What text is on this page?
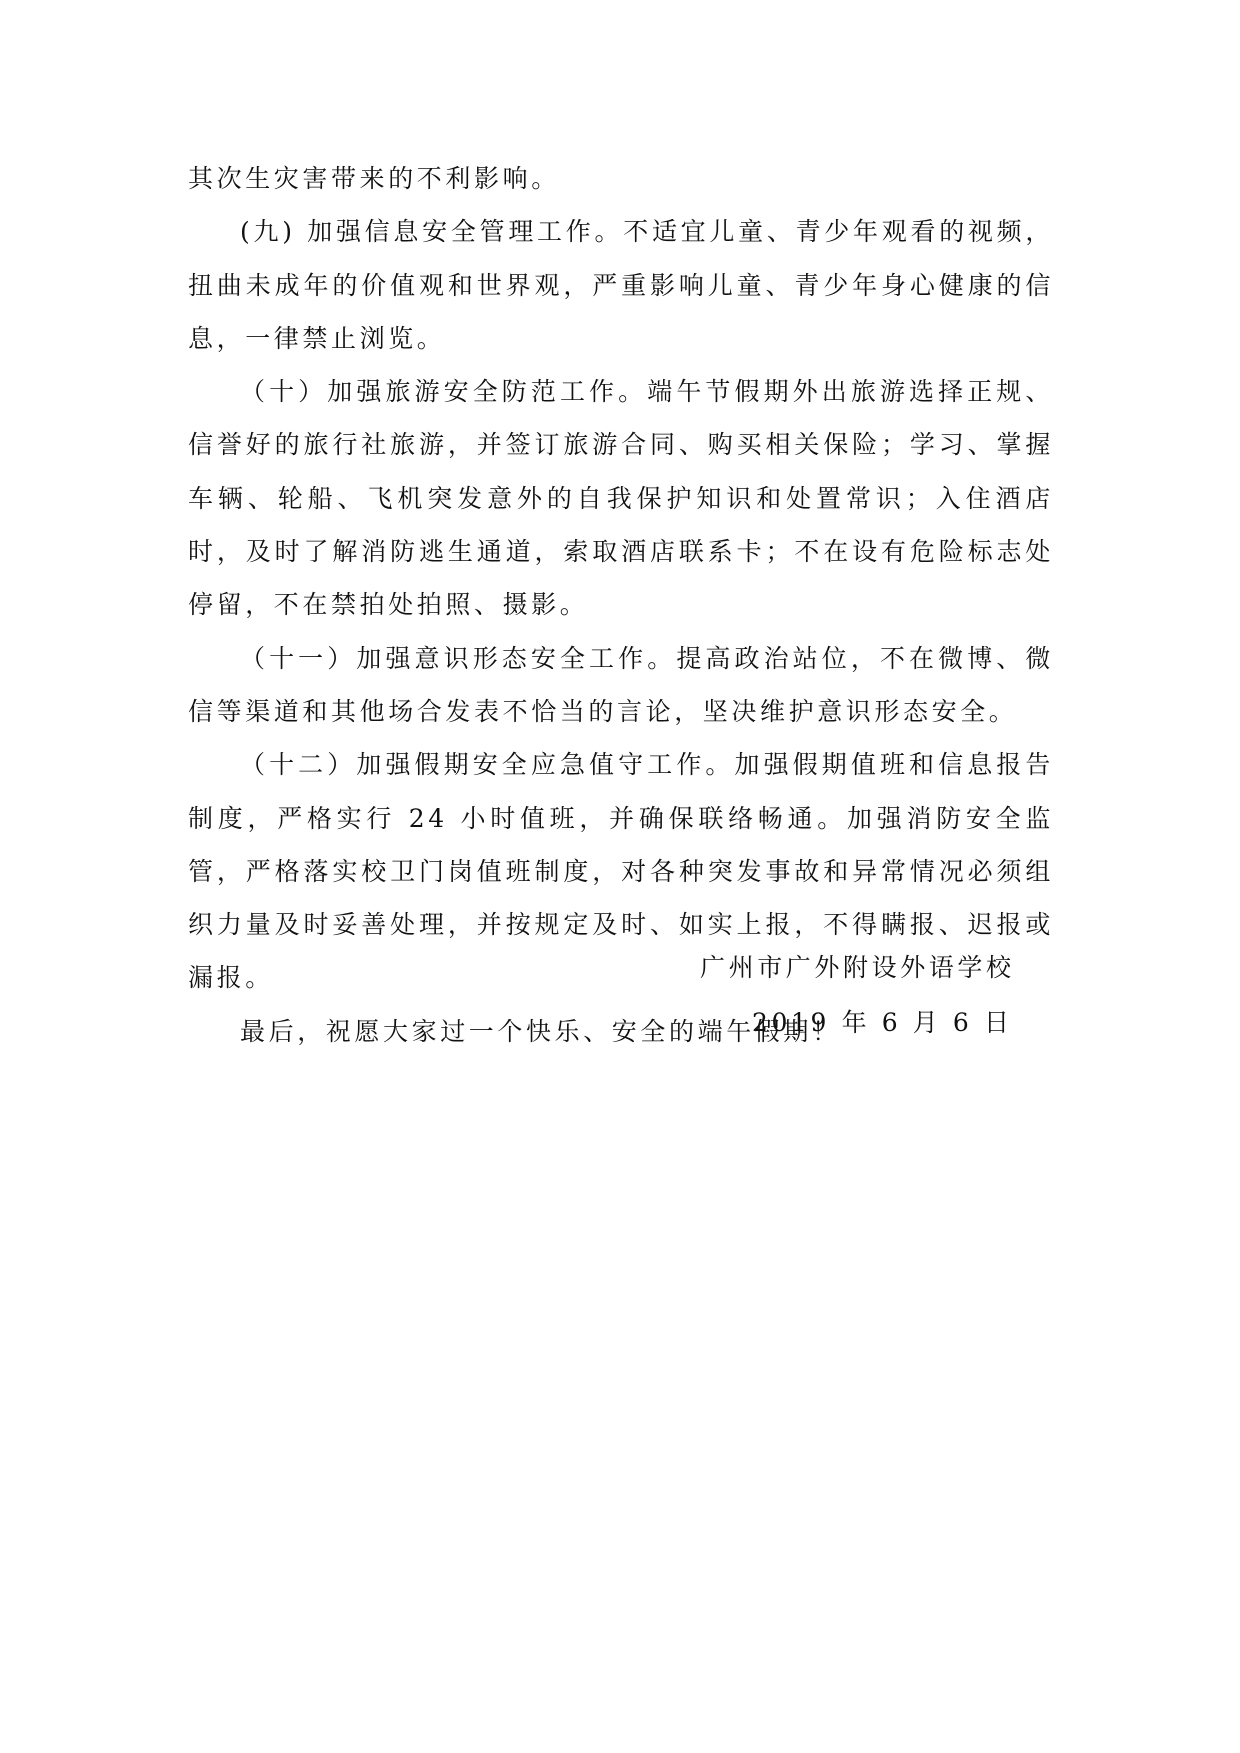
其次生灾害带来的不利影响。

(九) 加强信息安全管理工作。不适宜儿童、青少年观看的视频，扭曲未成年的价值观和世界观，严重影响儿童、青少年身心健康的信息，一律禁止浏览。

（十）加强旅游安全防范工作。端午节假期外出旅游选择正规、信誉好的旅行社旅游，并签订旅游合同、购买相关保险；学习、掌握车辆、轮船、飞机突发意外的自我保护知识和处置常识；入住酒店时，及时了解消防逃生通道，索取酒店联系卡；不在设有危险标志处停留，不在禁拍处拍照、摄影。

（十一）加强意识形态安全工作。提高政治站位，不在微博、微信等渠道和其他场合发表不恰当的言论，坚决维护意识形态安全。

（十二）加强假期安全应急值守工作。加强假期值班和信息报告制度，严格实行 24 小时值班，并确保联络畅通。加强消防安全监管，严格落实校卫门岗值班制度，对各种突发事故和异常情况必须组织力量及时妥善处理，并按规定及时、如实上报，不得瞒报、迟报或漏报。

最后，祝愿大家过一个快乐、安全的端午假期！

广州市广外附设外语学校
2019 年 6 月 6 日
